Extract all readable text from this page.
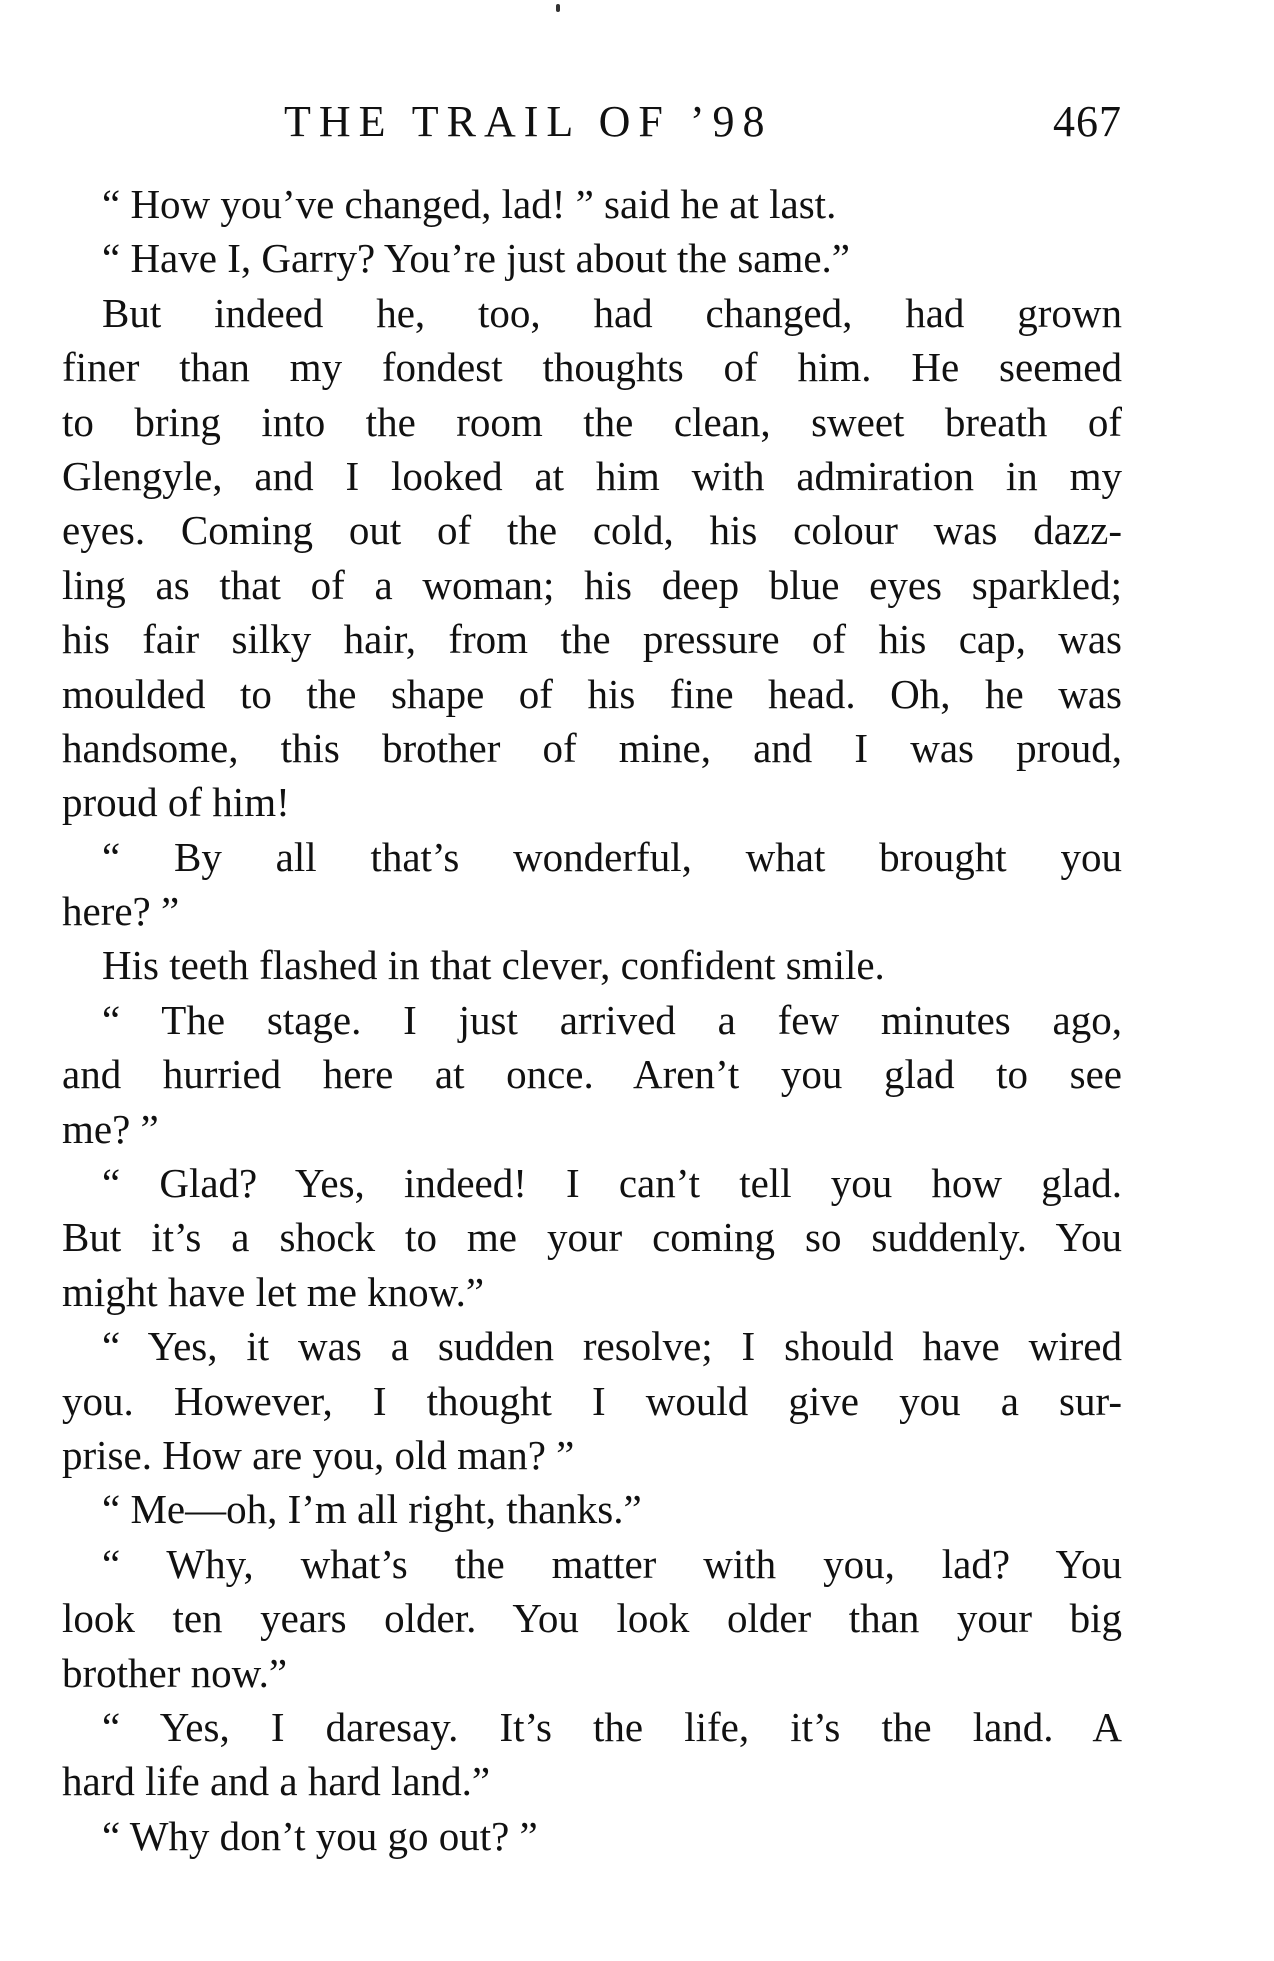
THE TRAIL OF ’98	467
“ How you’ve changed, lad! ” said he at last.
“ Have I, Garry? You’re just about the same.”
But indeed he, too, had changed, had grown
finer than my fondest thoughts of him. He seemed
to bring into the room the clean, sweet breath of
Glengyle, and I looked at him with admiration in my
eyes. Coming out of the cold, his colour was dazz-
ling as that of a woman; his deep blue eyes sparkled;
his fair silky hair, from the pressure of his cap, was
moulded to the shape of his fine head. Oh, he was
handsome, this brother of mine, and I was proud,
proud of him!
“ By all that’s wonderful, what brought you
here? ”
His teeth flashed in that clever, confident smile.
“ The stage. I just arrived a few minutes ago,
and hurried here at once. Aren’t you glad to see
me? ”
“ Glad? Yes, indeed! I can’t tell you how glad.
But it’s a shock to me your coming so suddenly. You
might have let me know.”
“ Yes, it was a sudden resolve; I should have wired
you. However, I thought I would give you a sur-
prise. How are you, old man? ”
“ Me—oh, I’m all right, thanks.”
“ Why, what’s the matter with you, lad? You
look ten years older. You look older than your big
brother now.”
“ Yes, I daresay. It’s the life, it’s the land. A
hard life and a hard land.”
“ Why don’t you go out? ”
